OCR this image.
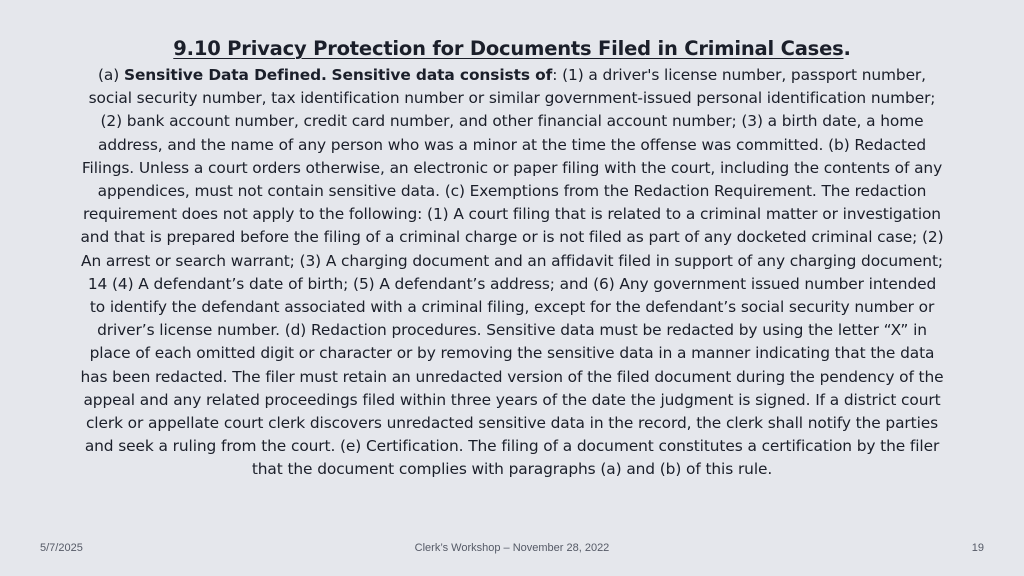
9.10 Privacy Protection for Documents Filed in Criminal Cases.

(a) Sensitive Data Defined. Sensitive data consists of: (1) a driver's license number, passport number, social security number, tax identification number or similar government-issued personal identification number; (2) bank account number, credit card number, and other financial account number; (3) a birth date, a home address, and the name of any person who was a minor at the time the offense was committed. (b) Redacted Filings. Unless a court orders otherwise, an electronic or paper filing with the court, including the contents of any appendices, must not contain sensitive data. (c) Exemptions from the Redaction Requirement. The redaction requirement does not apply to the following: (1) A court filing that is related to a criminal matter or investigation and that is prepared before the filing of a criminal charge or is not filed as part of any docketed criminal case; (2) An arrest or search warrant; (3) A charging document and an affidavit filed in support of any charging document; 14 (4) A defendant’s date of birth; (5) A defendant’s address; and (6) Any government issued number intended to identify the defendant associated with a criminal filing, except for the defendant’s social security number or driver’s license number. (d) Redaction procedures. Sensitive data must be redacted by using the letter “X” in place of each omitted digit or character or by removing the sensitive data in a manner indicating that the data has been redacted. The filer must retain an unredacted version of the filed document during the pendency of the appeal and any related proceedings filed within three years of the date the judgment is signed. If a district court clerk or appellate court clerk discovers unredacted sensitive data in the record, the clerk shall notify the parties and seek a ruling from the court. (e) Certification. The filing of a document constitutes a certification by the filer that the document complies with paragraphs (a) and (b) of this rule.

5/7/2025	Clerk’s Workshop – November 28, 2022	19
